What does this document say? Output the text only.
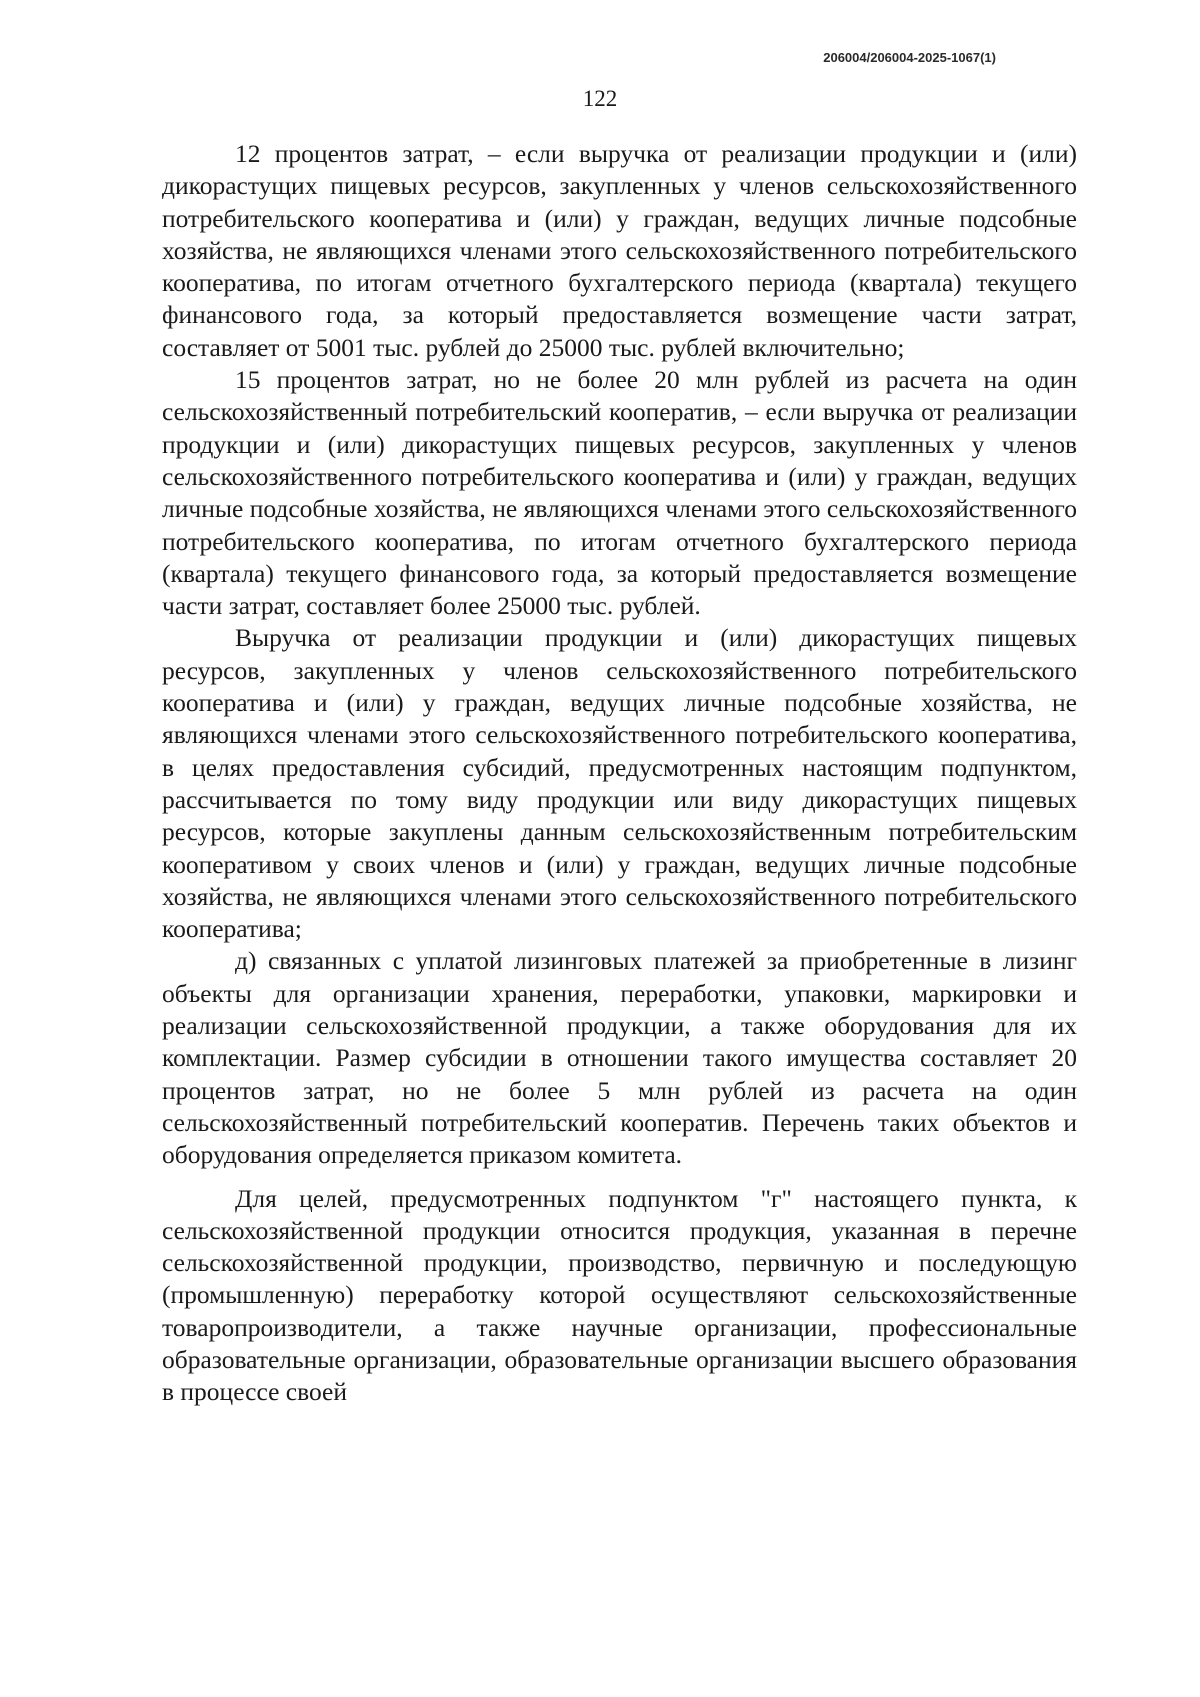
206004/206004-2025-1067(1)
122

12 процентов затрат, – если выручка от реализации продукции и (или) дикорастущих пищевых ресурсов, закупленных у членов сельскохозяйственного потребительского кооператива и (или) у граждан, ведущих личные подсобные хозяйства, не являющихся членами этого сельскохозяйственного потребительского кооператива, по итогам отчетного бухгалтерского периода (квартала) текущего финансового года, за который предоставляется возмещение части затрат, составляет от 5001 тыс. рублей до 25000 тыс. рублей включительно;

15 процентов затрат, но не более 20 млн рублей из расчета на один сельскохозяйственный потребительский кооператив, – если выручка от реализации продукции и (или) дикорастущих пищевых ресурсов, закупленных у членов сельскохозяйственного потребительского кооператива и (или) у граждан, ведущих личные подсобные хозяйства, не являющихся членами этого сельскохозяйственного потребительского кооператива, по итогам отчетного бухгалтерского периода (квартала) текущего финансового года, за который предоставляется возмещение части затрат, составляет более 25000 тыс. рублей.

Выручка от реализации продукции и (или) дикорастущих пищевых ресурсов, закупленных у членов сельскохозяйственного потребительского кооператива и (или) у граждан, ведущих личные подсобные хозяйства, не являющихся членами этого сельскохозяйственного потребительского кооператива, в целях предоставления субсидий, предусмотренных настоящим подпунктом, рассчитывается по тому виду продукции или виду дикорастущих пищевых ресурсов, которые закуплены данным сельскохозяйственным потребительским кооперативом у своих членов и (или) у граждан, ведущих личные подсобные хозяйства, не являющихся членами этого сельскохозяйственного потребительского кооператива;

д) связанных с уплатой лизинговых платежей за приобретенные в лизинг объекты для организации хранения, переработки, упаковки, маркировки и реализации сельскохозяйственной продукции, а также оборудования для их комплектации. Размер субсидии в отношении такого имущества составляет 20 процентов затрат, но не более 5 млн рублей из расчета на один сельскохозяйственный потребительский кооператив. Перечень таких объектов и оборудования определяется приказом комитета.

Для целей, предусмотренных подпунктом "г" настоящего пункта, к сельскохозяйственной продукции относится продукция, указанная в перечне сельскохозяйственной продукции, производство, первичную и последующую (промышленную) переработку которой осуществляют сельскохозяйственные товаропроизводители, а также научные организации, профессиональные образовательные организации, образовательные организации высшего образования в процессе своей
